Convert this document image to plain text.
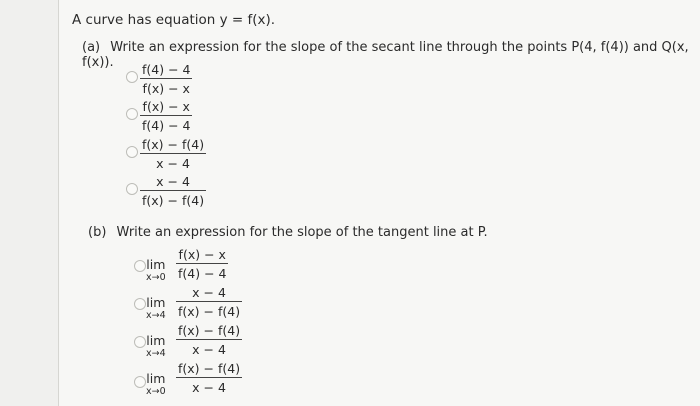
A curve has equation y = f(x).
(a) Write an expression for the slope of the secant line through the points P(4, f(4)) and Q(x, f(x)).	f(4) − 4
f(x) − x
f(x) − x
f(4) − 4
f(x) − f(4)
x − 4
x − 4
f(x) − f(4)
(b) Write an expression for the slope of the tangent line at P.
lim
x→0
f(x) − x
f(4) − 4
lim
x→4
x − 4
f(x) − f(4)
lim
x→4
f(x) − f(4)
x − 4
lim
x→0
f(x) − f(4)
x − 4
